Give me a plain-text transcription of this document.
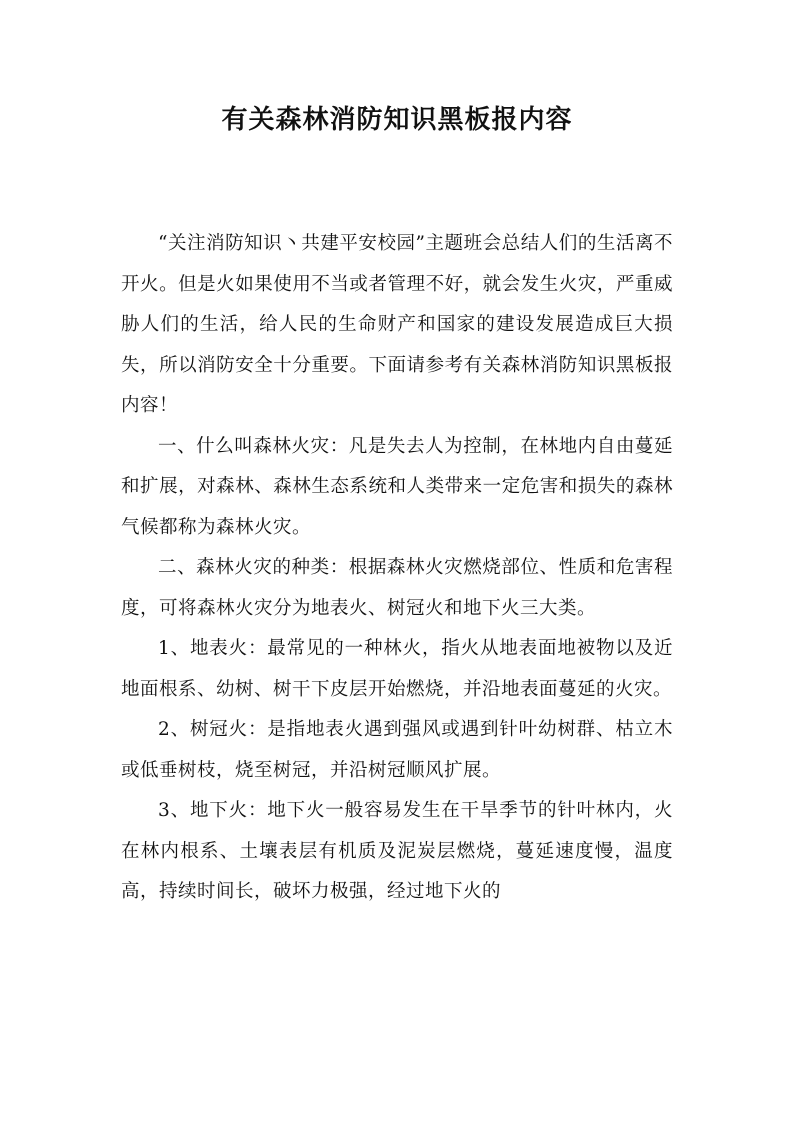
有关森林消防知识黑板报内容

“关注消防知识丶共建平安校园”主题班会总结人们的生活离不开火。但是火如果使用不当或者管理不好，就会发生火灾，严重威胁人们的生活，给人民的生命财产和国家的建设发展造成巨大损失，所以消防安全十分重要。下面请参考有关森林消防知识黑板报内容！

一、什么叫森林火灾：凡是失去人为控制，在林地内自由蔓延和扩展，对森林、森林生态系统和人类带来一定危害和损失的森林气候都称为森林火灾。

二、森林火灾的种类：根据森林火灾燃烧部位、性质和危害程度，可将森林火灾分为地表火、树冠火和地下火三大类。

1、地表火：最常见的一种林火，指火从地表面地被物以及近地面根系、幼树、树干下皮层开始燃烧，并沿地表面蔓延的火灾。

2、树冠火：是指地表火遇到强风或遇到针叶幼树群、枯立木或低垂树枝，烧至树冠，并沿树冠顺风扩展。

3、地下火：地下火一般容易发生在干旱季节的针叶林内，火在林内根系、土壤表层有机质及泥炭层燃烧，蔓延速度慢，温度高，持续时间长，破坏力极强，经过地下火的
